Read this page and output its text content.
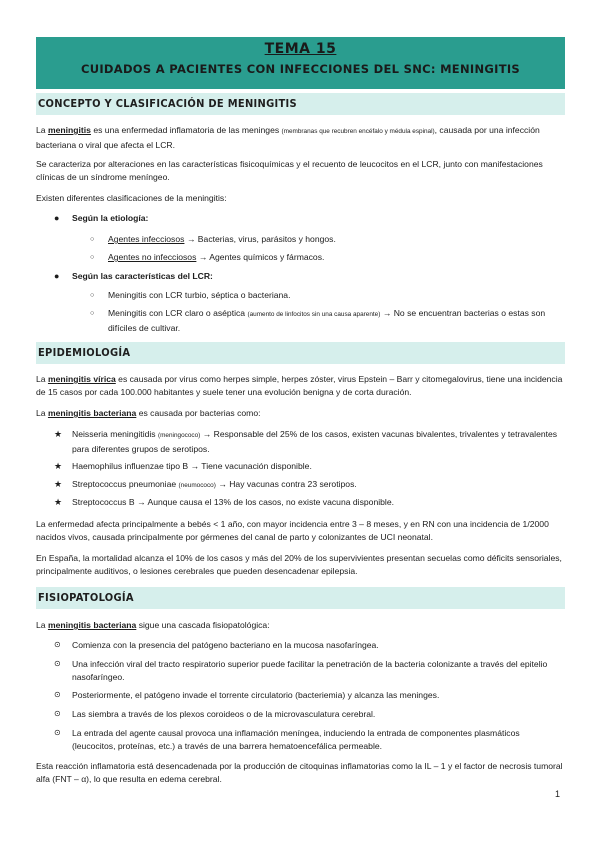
TEMA 15
CUIDADOS A PACIENTES CON INFECCIONES DEL SNC: MENINGITIS
CONCEPTO Y CLASIFICACIÓN DE MENINGITIS
La meningitis es una enfermedad inflamatoria de las meninges (membranas que recubren encéfalo y médula espinal), causada por una infección bacteriana o viral que afecta el LCR.
Se caracteriza por alteraciones en las características fisicoquímicas y el recuento de leucocitos en el LCR, junto con manifestaciones clínicas de un síndrome meníngeo.
Existen diferentes clasificaciones de la meningitis:
● Según la etiología:
○ Agentes infecciosos → Bacterias, virus, parásitos y hongos.
○ Agentes no infecciosos → Agentes químicos y fármacos.
● Según las características del LCR:
○ Meningitis con LCR turbio, séptica o bacteriana.
○ Meningitis con LCR claro o aséptica (aumento de linfocitos sin una causa aparente) → No se encuentran bacterias o estas son difíciles de cultivar.
EPIDEMIOLOGÍA
La meningitis vírica es causada por virus como herpes simple, herpes zóster, virus Epstein – Barr y citomegalovirus, tiene una incidencia de 15 casos por cada 100.000 habitantes y suele tener una evolución benigna y de corta duración.
La meningitis bacteriana es causada por bacterias como:
★ Neisseria meningitidis (meningococo) → Responsable del 25% de los casos, existen vacunas bivalentes, trivalentes y tetravalentes para diferentes grupos de serotipos.
★ Haemophilus influenzae tipo B → Tiene vacunación disponible.
★ Streptococcus pneumoniae (neumococo) → Hay vacunas contra 23 serotipos.
★ Streptococcus B → Aunque causa el 13% de los casos, no existe vacuna disponible.
La enfermedad afecta principalmente a bebés < 1 año, con mayor incidencia entre 3 – 8 meses, y en RN con una incidencia de 1/2000 nacidos vivos, causada principalmente por gérmenes del canal de parto y colonizantes de UCI neonatal.
En España, la mortalidad alcanza el 10% de los casos y más del 20% de los supervivientes presentan secuelas como déficits sensoriales, principalmente auditivos, o lesiones cerebrales que pueden desencadenar epilepsia.
FISIOPATOLOGÍA
La meningitis bacteriana sigue una cascada fisiopatológica:
⊙ Comienza con la presencia del patógeno bacteriano en la mucosa nasofaríngea.
⊙ Una infección viral del tracto respiratorio superior puede facilitar la penetración de la bacteria colonizante a través del epitelio nasofaríngeo.
⊙ Posteriormente, el patógeno invade el torrente circulatorio (bacteriemia) y alcanza las meninges.
⊙ Las siembra a través de los plexos coroideos o de la microvasculatura cerebral.
⊙ La entrada del agente causal provoca una inflamación meníngea, induciendo la entrada de componentes plasmáticos (leucocitos, proteínas, etc.) a través de una barrera hematoencefálica permeable.
Esta reacción inflamatoria está desencadenada por la producción de citoquinas inflamatorias como la IL – 1 y el factor de necrosis tumoral alfa (FNT – α), lo que resulta en edema cerebral.
1
